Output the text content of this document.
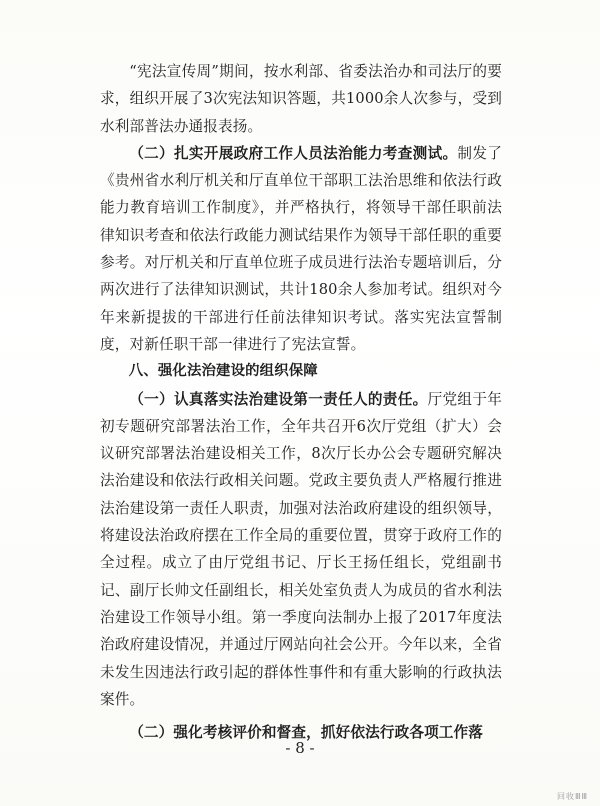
“宪法宣传周”期间，按水利部、省委法治办和司法厅的要求，组织开展了3次宪法知识答题，共1000余人次参与，受到水利部普法办通报表扬。

（二）扎实开展政府工作人员法治能力考查测试。制发了《贵州省水利厅机关和厅直单位干部职工法治思维和依法行政能力教育培训工作制度》，并严格执行，将领导干部任职前法律知识考查和依法行政能力测试结果作为领导干部任职的重要参考。对厅机关和厅直单位班子成员进行法治专题培训后，分两次进行了法律知识测试，共计180余人参加考试。组织对今年来新提拔的干部进行任前法律知识考试。落实宪法宣誓制度，对新任职干部一律进行了宪法宣誓。

八、强化法治建设的组织保障

（一）认真落实法治建设第一责任人的责任。厅党组于年初专题研究部署法治工作，全年共召开6次厅党组（扩大）会议研究部署法治建设相关工作，8次厅长办公会专题研究解决法治建设和依法行政相关问题。党政主要负责人严格履行推进法治建设第一责任人职责，加强对法治政府建设的组织领导，将建设法治政府摆在工作全局的重要位置，贯穿于政府工作的全过程。成立了由厅党组书记、厅长王扬任组长，党组副书记、副厅长帅文任副组长，相关处室负责人为成员的省水利法治建设工作领导小组。第一季度向法制办上报了2017年度法治政府建设情况，并通过厅网站向社会公开。今年以来，全省未发生因违法行政引起的群体性事件和有重大影响的行政执法案件。

（二）强化考核评价和督查，抓好依法行政各项工作落

- 8 -
回收ⅢⅢ
